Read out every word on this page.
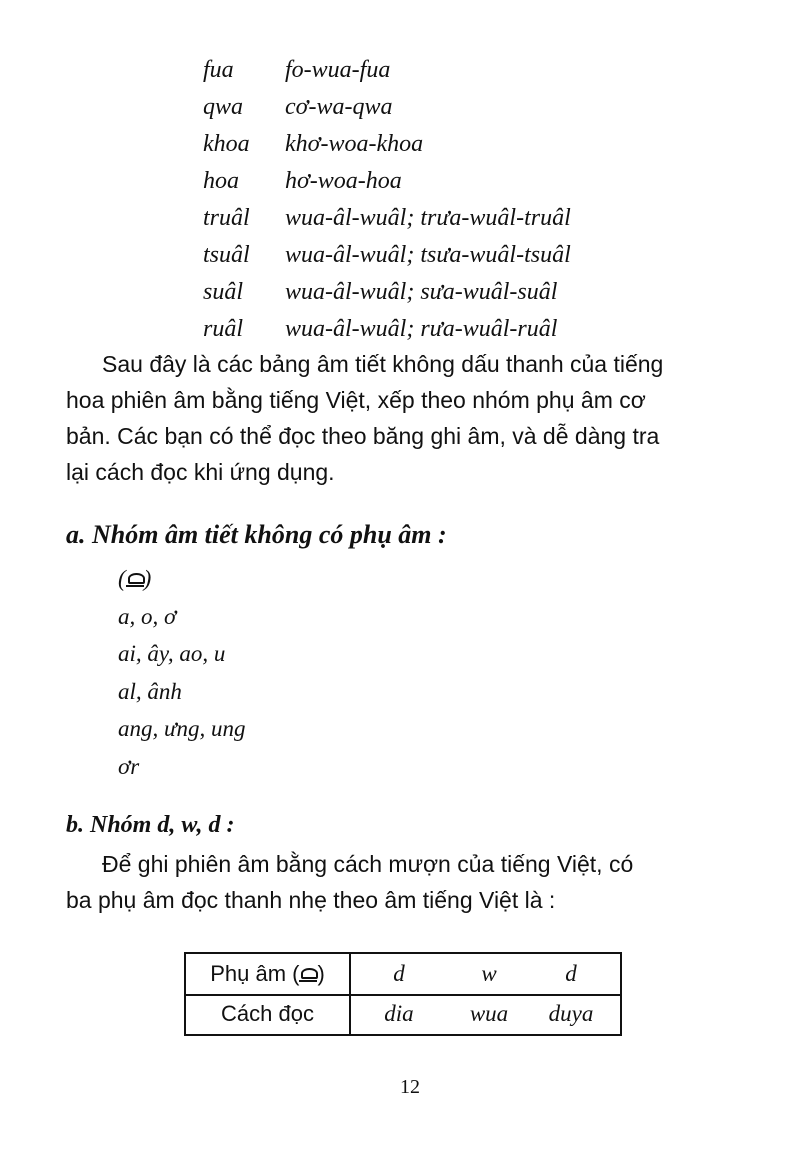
fua fo-wua-fua
qwa cơ-wa-qwa
khoa khơ-woa-khoa
hoa hơ-woa-hoa
truâl wua-âl-wuâl; trưa-wuâl-truâl
tsuâl wua-âl-wuâl; tsưa-wuâl-tsuâl
suâl wua-âl-wuâl; sưa-wuâl-suâl
ruâl wua-âl-wuâl; rưa-wuâl-ruâl
Sau đây là các bảng âm tiết không dấu thanh của tiếng
hoa phiên âm bằng tiếng Việt, xếp theo nhóm phụ âm cơ
bản. Các bạn có thể đọc theo băng ghi âm, và dễ dàng tra
lại cách đọc khi ứng dụng.
a. Nhóm âm tiết không có phụ âm :
( )
a, o, ơ
ai, ây, ao, u
al, ânh
ang, ưng, ung
ơr
b. Nhóm d, w, d :
Để ghi phiên âm bằng cách mượn của tiếng Việt, có
ba phụ âm đọc thanh nhẹ theo âm tiếng Việt là :
Phụ âm ( )	d	w	d
Cách đọc	dia	wua	duya
12
